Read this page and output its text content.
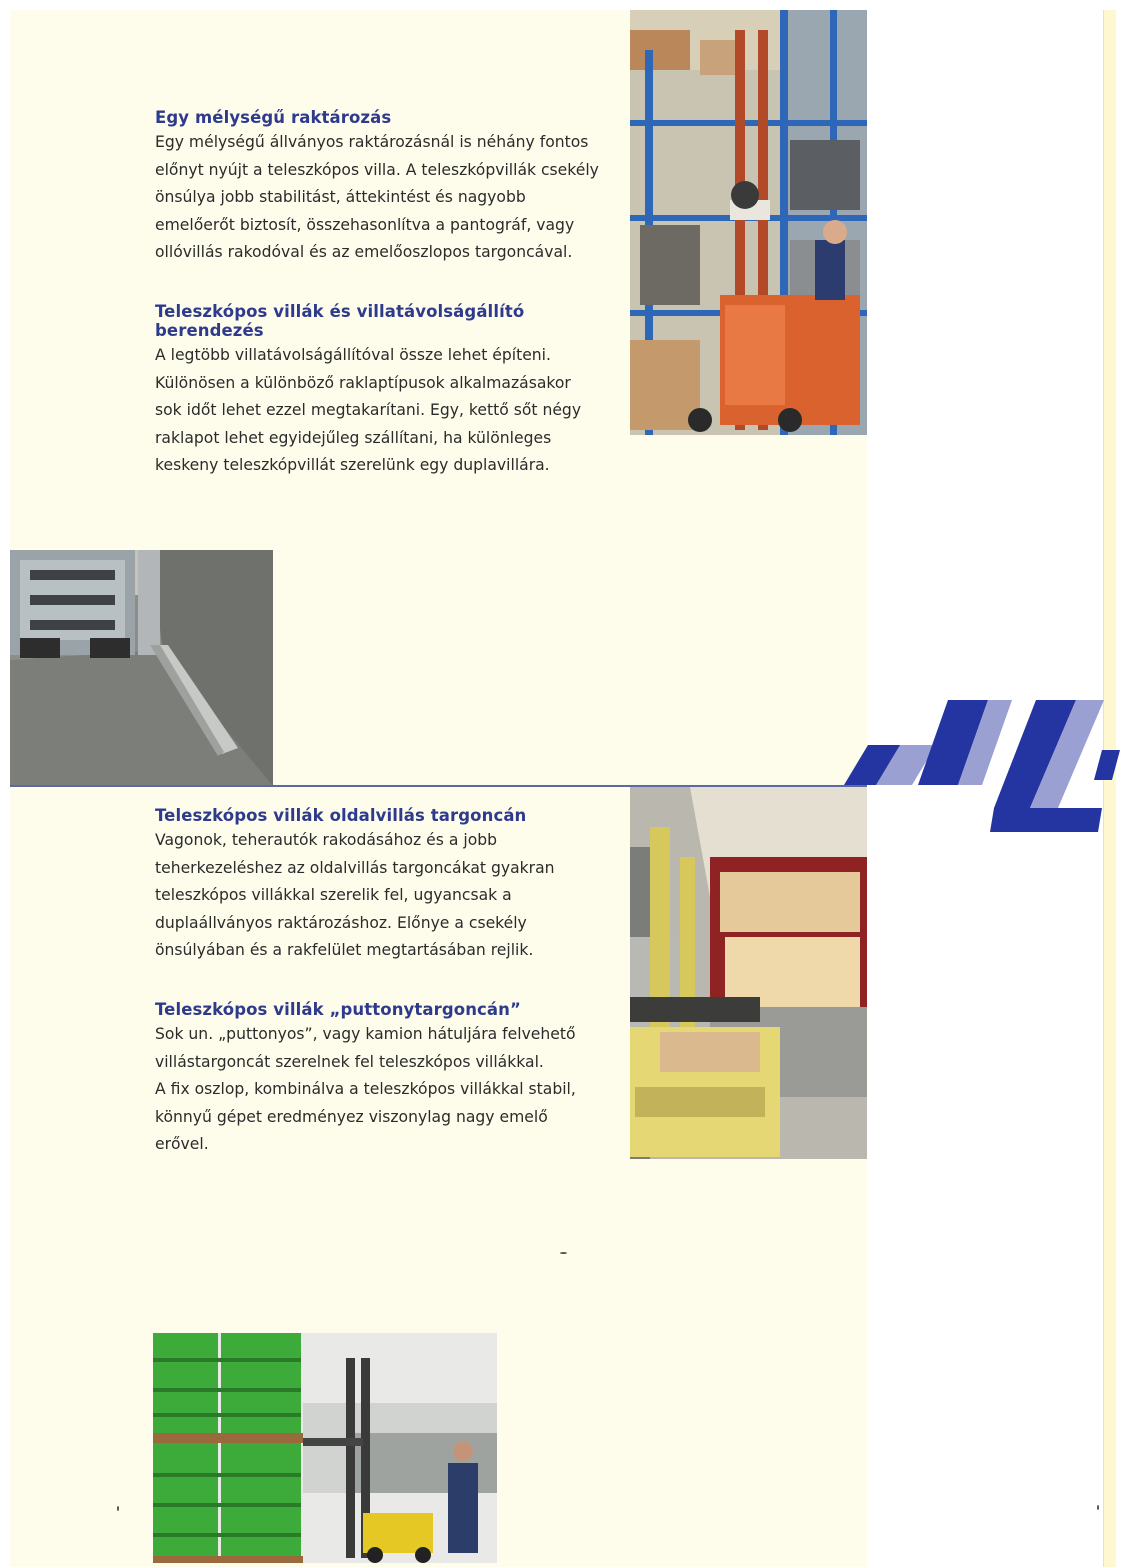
Egy mélységű raktározás

Egy mélységű állványos raktározásnál is néhány fontos
előnyt nyújt a teleszkópos villa. A teleszkópvillák csekély
önsúlya jobb stabilitást, áttekintést és nagyobb
emelőerőt biztosít, összehasonlítva a pantográf, vagy
ollóvillás rakodóval és az emelőoszlopos targoncával.

Teleszkópos villák és villatávolságállító berendezés

A legtöbb villatávolságállítóval össze lehet építeni.
Különösen a különböző raklaptípusok alkalmazásakor
sok időt lehet ezzel megtakarítani. Egy, kettő sőt négy
raklapot lehet egyidejűleg szállítani, ha különleges
keskeny teleszkópvillát szerelünk egy duplavillára.

Teleszkópos villák oldalvillás targoncán

Vagonok, teherautók rakodásához és a jobb
teherkezeléshez az oldalvillás targoncákat gyakran
teleszkópos villákkal szerelik fel, ugyancsak a
duplaállványos raktározáshoz. Előnye a csekély
önsúlyában és a rakfelület megtartásában rejlik.

Teleszkópos villák „puttonytargoncán”

Sok un. „puttonyos”, vagy kamion hátuljára felvehető
villástargoncát szerelnek fel teleszkópos villákkal.
A fix oszlop, kombinálva a teleszkópos villákkal stabil,
könnyű gépet eredményez viszonylag nagy emelő
erővel.
